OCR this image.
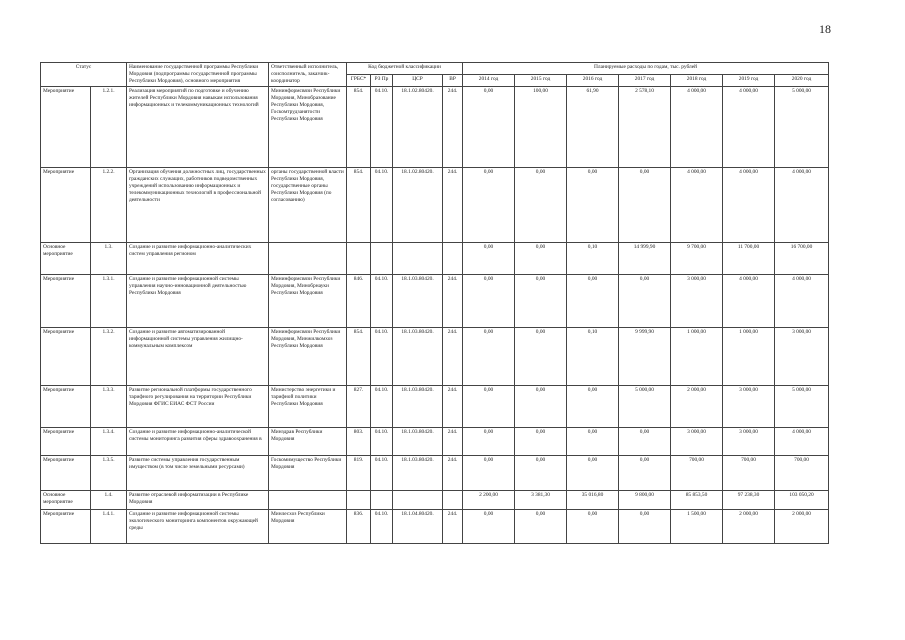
18
Статус		Наименование государственной программы Республики Мордовия (подпрограммы государственной программы Республики Мордовия), основного мероприятия	Ответственный исполнитель, соисполнитель, заказчик-координатор	Код бюджетной классификации				Планируемые расходы по годам, тыс. рублей						
				ГРБС*	РЗ Пр	ЦСР	ВР	2014 год	2015 год	2016 год	2017 год	2018 год	2019 год	2020 год
Мероприятие	1.2.1.	Реализация мероприятий по подготовке и обучению жителей Республики Мордовия навыкам использования информационных и телекоммуникационных технологий	Мининформсвязи Республики Мордовия, Минобразование Республики Мордовия, Госкомтрудзанятости Республики Мордовия	854.	04.10.	18.1.02.80420.	244.	0,00	100,00	61,90	2 578,10	4 000,00	4 000,00	5 000,00
Мероприятие	1.2.2.	Организация обучения должностных лиц, государственных гражданских служащих, работников подведомственных учреждений использованию информационных и телекоммуникационных технологий в профессиональной деятельности	органы государственной власти Республики Мордовия, государственные органы Республики Мордовия (по согласованию)	854.	04.10.	18.1.02.80420.	244.	0,00	0,00	0,00	0,00	4 000,00	4 000,00	4 000,00
Основное мероприятие	1.3.	Создание и развитие информационно-аналитических систем управления регионом						0,00	0,00	0,10	14 999,90	9 700,00	11 700,00	16 700,00
Мероприятие	1.3.1.	Создание и развитие информационной системы управления научно-инновационной деятельностью Республики Мордовия	Мининформсвязи Республики Мордовия, Минобрнауки Республики Мордовия	846.	04.10.	18.1.03.80420.	244.	0,00	0,00	0,00	0,00	3 000,00	4 000,00	4 000,00
Мероприятие	1.3.2.	Создание и развитие автоматизированной информационной системы управления жилищно-коммунальным комплексом	Мининформсвязи Республики Мордовия, Минжилкомхоз Республики Мордовия	854.	04.10.	18.1.03.80420.	244.	0,00	0,00	0,10	9 999,90	1 000,00	1 000,00	3 000,00
Мероприятие	1.3.3.	Развитие региональной платформы государственного тарифного регулирования на территории Республики Мордовия ФГИС ЕИАС ФСТ России	Министерство энергетики и тарифной политики Республики Мордовия	827.	04.10.	18.1.03.80420.	244.	0,00	0,00	0,00	5 000,00	2 000,00	3 000,00	5 000,00
Мероприятие	1.3.4.	Создание и развитие информационно-аналитической системы мониторинга развития сферы здравоохранения в	Минздрав Республики Мордовия	803.	04.10.	18.1.03.80420.	244.	0,00	0,00	0,00	0,00	3 000,00	3 000,00	4 000,00
Мероприятие	1.3.5.	Развитие системы управления государственным имуществом (в том числе земельными ресурсами)	Госкомимущество Республики Мордовия	819.	04.10.	18.1.03.80420.	244.	0,00	0,00	0,00	0,00	700,00	700,00	700,00
Основное мероприятие	1.4.	Развитие отраслевой информатизации в Республике Мордовия						2 200,00	3 381,30	35 016,80	9 800,00	85 853,50	97 238,30	103 050,20
Мероприятие	1.4.1.	Создание и развитие информационной системы экологического мониторинга компонентов окружающей среды	Минлесхоз Республики Мордовия	836.	04.10.	18.1.04.80420.	244.	0,00	0,00	0,00	0,00	1 500,00	2 000,00	2 000,00
